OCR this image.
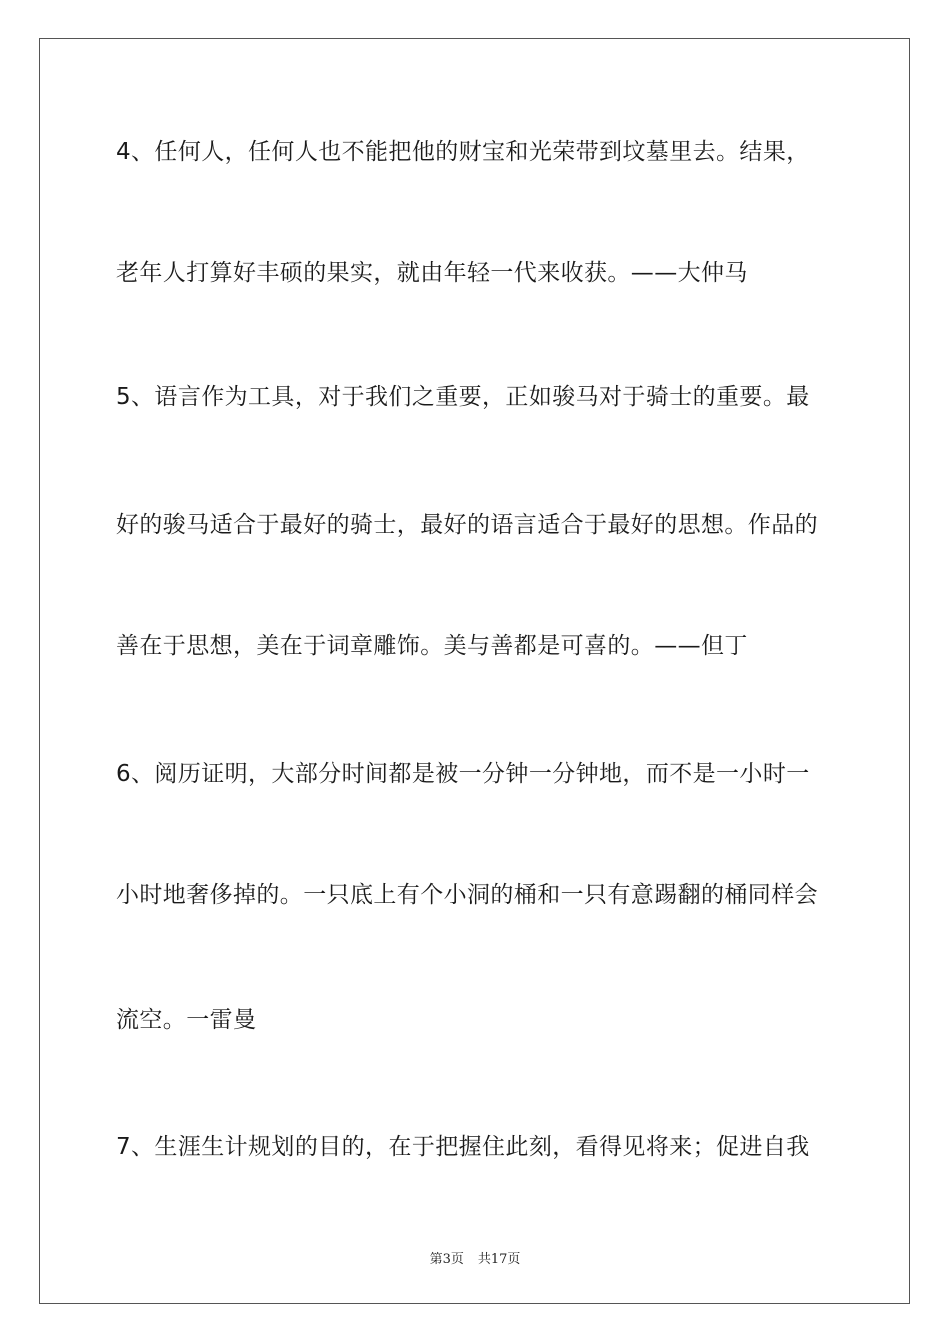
4、任何人，任何人也不能把他的财宝和光荣带到坟墓里去。结果，
老年人打算好丰硕的果实，就由年轻一代来收获。——大仲马
5、语言作为工具，对于我们之重要，正如骏马对于骑士的重要。最
好的骏马适合于最好的骑士，最好的语言适合于最好的思想。作品的
善在于思想，美在于词章雕饰。美与善都是可喜的。——但丁
6、阅历证明，大部分时间都是被一分钟一分钟地，而不是一小时一
小时地奢侈掉的。一只底上有个小洞的桶和一只有意踢翻的桶同样会
流空。一雷曼
7、生涯生计规划的目的，在于把握住此刻，看得见将来；促进自我
第3页 共17页
